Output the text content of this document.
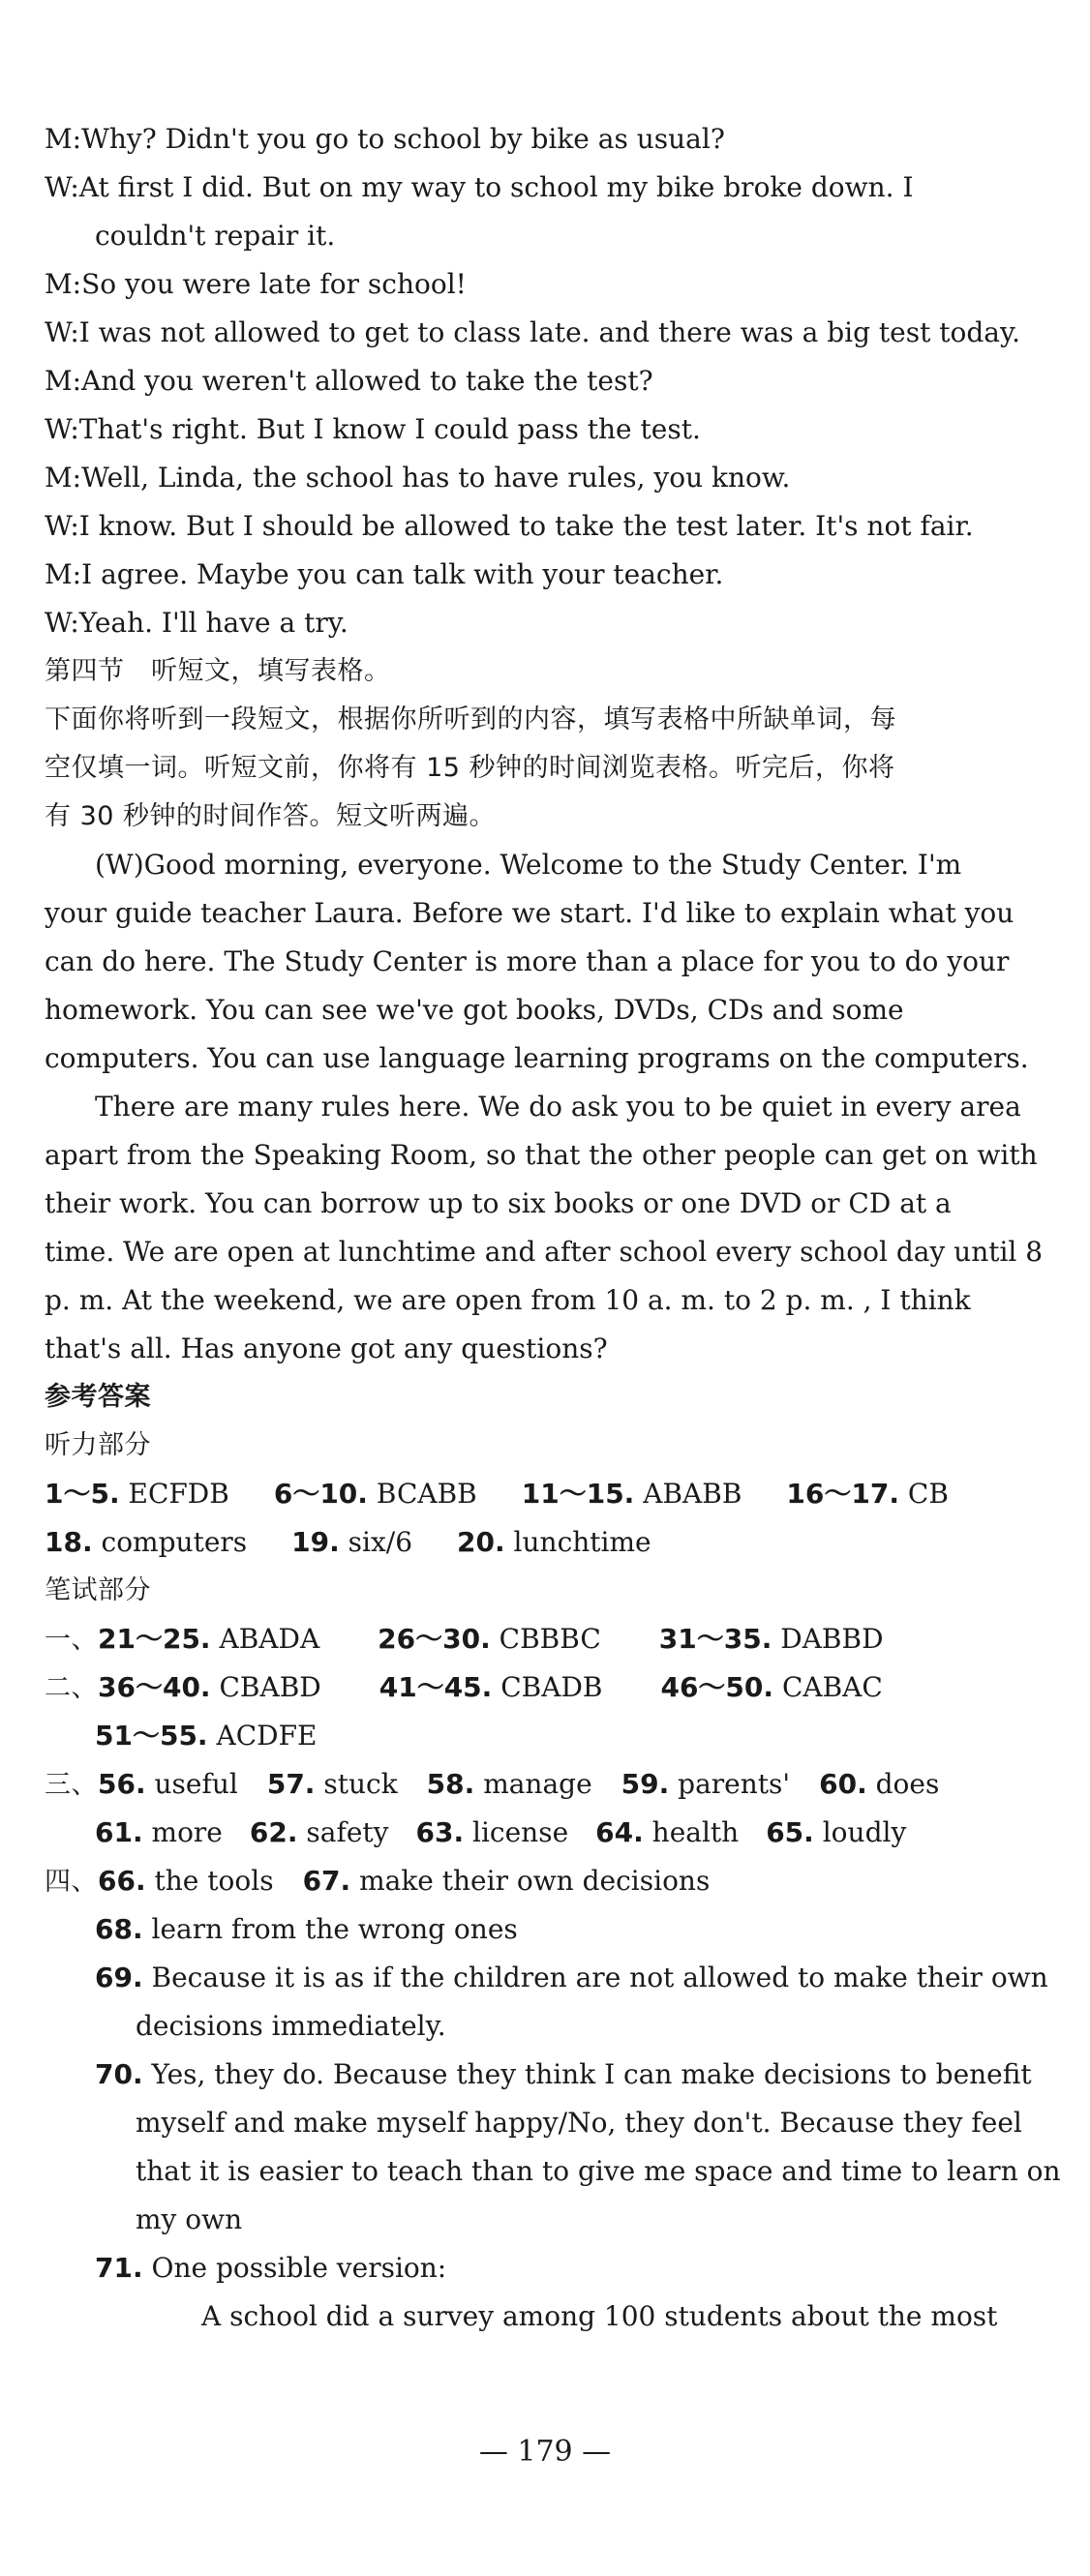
M:Why? Didn't you go to school by bike as usual?
W:At first I did. But on my way to school my bike broke down. I
couldn't repair it.
M:So you were late for school!
W:I was not allowed to get to class late. and there was a big test today.
M:And you weren't allowed to take the test?
W:That's right. But I know I could pass the test.
M:Well, Linda, the school has to have rules, you know.
W:I know. But I should be allowed to take the test later. It's not fair.
M:I agree. Maybe you can talk with your teacher.
W:Yeah. I'll have a try.
第四节　听短文，填写表格。
下面你将听到一段短文，根据你所听到的内容，填写表格中所缺单词，每
空仅填一词。听短文前，你将有 15 秒钟的时间浏览表格。听完后，你将
有 30 秒钟的时间作答。短文听两遍。
(W)Good morning, everyone. Welcome to the Study Center. I'm
your guide teacher Laura. Before we start. I'd like to explain what you
can do here. The Study Center is more than a place for you to do your
homework. You can see we've got books, DVDs, CDs and some
computers. You can use language learning programs on the computers.
There are many rules here. We do ask you to be quiet in every area
apart from the Speaking Room, so that the other people can get on with
their work. You can borrow up to six books or one DVD or CD at a
time. We are open at lunchtime and after school every school day until 8
p. m. At the weekend, we are open from 10 a. m. to 2 p. m. , I think
that's all. Has anyone got any questions?
参考答案
听力部分
1～5. ECFDB 6～10. BCABB 11～15. ABABB 16～17. CB
18. computers 19. six/6 20. lunchtime
笔试部分
一、21～25. ABADA 26～30. CBBBC 31～35. DABBD
二、36～40. CBABD 41～45. CBADB 46～50. CABAC
51～55. ACDFE
三、56. useful 57. stuck 58. manage 59. parents' 60. does
61. more 62. safety 63. license 64. health 65. loudly
四、66. the tools 67. make their own decisions
68. learn from the wrong ones
69. Because it is as if the children are not allowed to make their own
decisions immediately.
70. Yes, they do. Because they think I can make decisions to benefit
myself and make myself happy/No, they don't. Because they feel
that it is easier to teach than to give me space and time to learn on
my own
71. One possible version:
A school did a survey among 100 students about the most
— 179 —
